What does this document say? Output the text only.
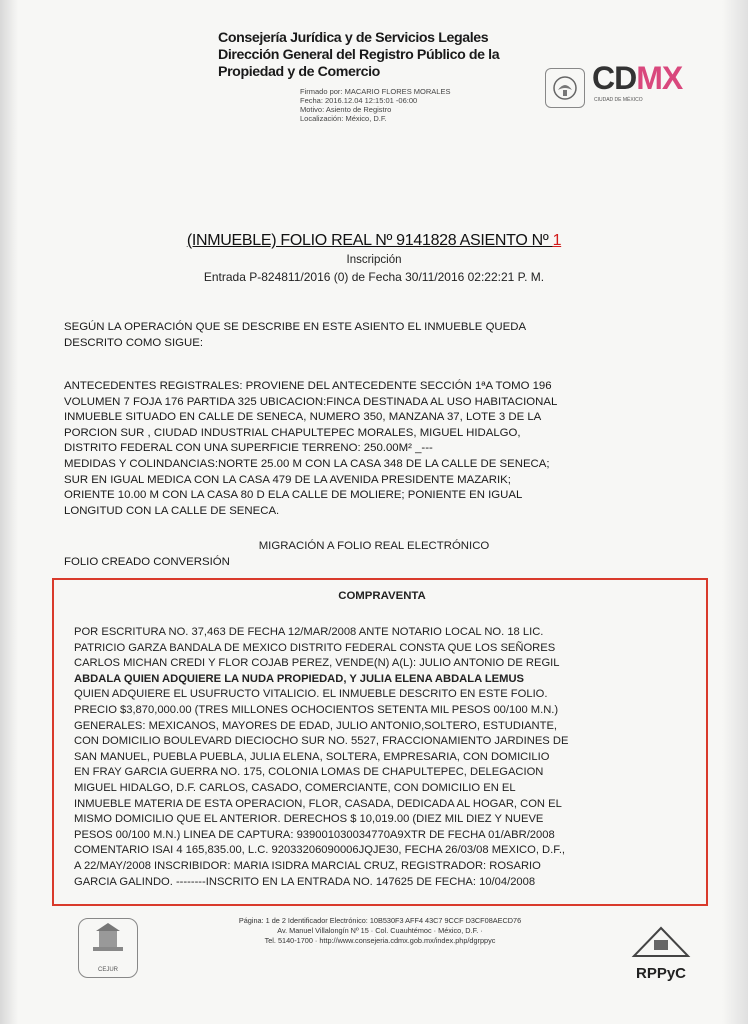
Consejería Jurídica y de Servicios Legales
Dirección General del Registro Público de la
Propiedad y de Comercio
Firmado por: MACARIO FLORES MORALES
Fecha: 2016.12.04 12:15:01 -06:00
Motivo: Asiento de Registro
Localización: México, D.F.
CDMX
CIUDAD DE MÉXICO
(INMUEBLE) FOLIO REAL Nº 9141828 ASIENTO Nº 1
Inscripción
Entrada P-824811/2016 (0) de Fecha 30/11/2016 02:22:21 P. M.
SEGÚN LA OPERACIÓN QUE SE DESCRIBE EN ESTE ASIENTO EL INMUEBLE QUEDA
DESCRITO COMO SIGUE:
ANTECEDENTES REGISTRALES: PROVIENE DEL ANTECEDENTE SECCIÓN 1ªA TOMO 196
VOLUMEN 7 FOJA 176 PARTIDA 325 UBICACION:FINCA DESTINADA AL USO HABITACIONAL
INMUEBLE SITUADO EN CALLE DE SENECA, NUMERO 350, MANZANA 37, LOTE 3 DE LA
PORCION SUR , CIUDAD INDUSTRIAL CHAPULTEPEC MORALES, MIGUEL HIDALGO,
DISTRITO FEDERAL CON UNA SUPERFICIE TERRENO: 250.00M² _---
MEDIDAS Y COLINDANCIAS:NORTE 25.00 M CON LA CASA 348 DE LA CALLE DE SENECA;
SUR EN IGUAL MEDICA CON LA CASA 479 DE LA AVENIDA PRESIDENTE MAZARIK;
ORIENTE 10.00 M CON LA CASA 80 D ELA CALLE DE MOLIERE; PONIENTE EN IGUAL
LONGITUD CON LA CALLE DE SENECA.
MIGRACIÓN A FOLIO REAL ELECTRÓNICO
FOLIO CREADO CONVERSIÓN
COMPRAVENTA
POR ESCRITURA NO. 37,463 DE FECHA 12/MAR/2008 ANTE NOTARIO LOCAL NO. 18 LIC.
PATRICIO GARZA BANDALA DE MEXICO DISTRITO FEDERAL CONSTA QUE LOS SEÑORES
CARLOS MICHAN CREDI Y FLOR COJAB PEREZ, VENDE(N) A(L): JULIO ANTONIO DE REGIL
ABDALA QUIEN ADQUIERE LA NUDA PROPIEDAD, Y JULIA ELENA ABDALA LEMUS
QUIEN ADQUIERE EL USUFRUCTO VITALICIO. EL INMUEBLE DESCRITO EN ESTE FOLIO.
PRECIO $3,870,000.00 (TRES MILLONES OCHOCIENTOS SETENTA MIL PESOS 00/100 M.N.)
GENERALES: MEXICANOS, MAYORES DE EDAD, JULIO ANTONIO,SOLTERO, ESTUDIANTE,
CON DOMICILIO BOULEVARD DIECIOCHO SUR NO. 5527, FRACCIONAMIENTO JARDINES DE
SAN MANUEL, PUEBLA PUEBLA, JULIA ELENA, SOLTERA, EMPRESARIA, CON DOMICILIO
EN FRAY GARCIA GUERRA NO. 175, COLONIA LOMAS DE CHAPULTEPEC, DELEGACION
MIGUEL HIDALGO, D.F. CARLOS, CASADO, COMERCIANTE, CON DOMICILIO EN EL
INMUEBLE MATERIA DE ESTA OPERACION, FLOR, CASADA, DEDICADA AL HOGAR, CON EL
MISMO DOMICILIO QUE EL ANTERIOR. DERECHOS $ 10,019.00 (DIEZ MIL DIEZ Y NUEVE
PESOS 00/100 M.N.) LINEA DE CAPTURA: 939001030034770A9XTR DE FECHA 01/ABR/2008
COMENTARIO ISAI 4 165,835.00, L.C. 92033206090006JQJE30, FECHA 26/03/08 MEXICO, D.F.,
A 22/MAY/2008 INSCRIBIDOR: MARIA ISIDRA MARCIAL CRUZ, REGISTRADOR: ROSARIO
GARCIA GALINDO. --------INSCRITO EN LA ENTRADA NO. 147625 DE FECHA: 10/04/2008
CEJUR
Página: 1 de 2 Identificador Electrónico: 10B530F3 AFF4 43C7 9CCF D3CF08AECD76
Av. Manuel Villalongín Nº 15 · Col. Cuauhtémoc · México, D.F. ·
Tel. 5140-1700 · http://www.consejeria.cdmx.gob.mx/index.php/dgrppyc
RPPyC
